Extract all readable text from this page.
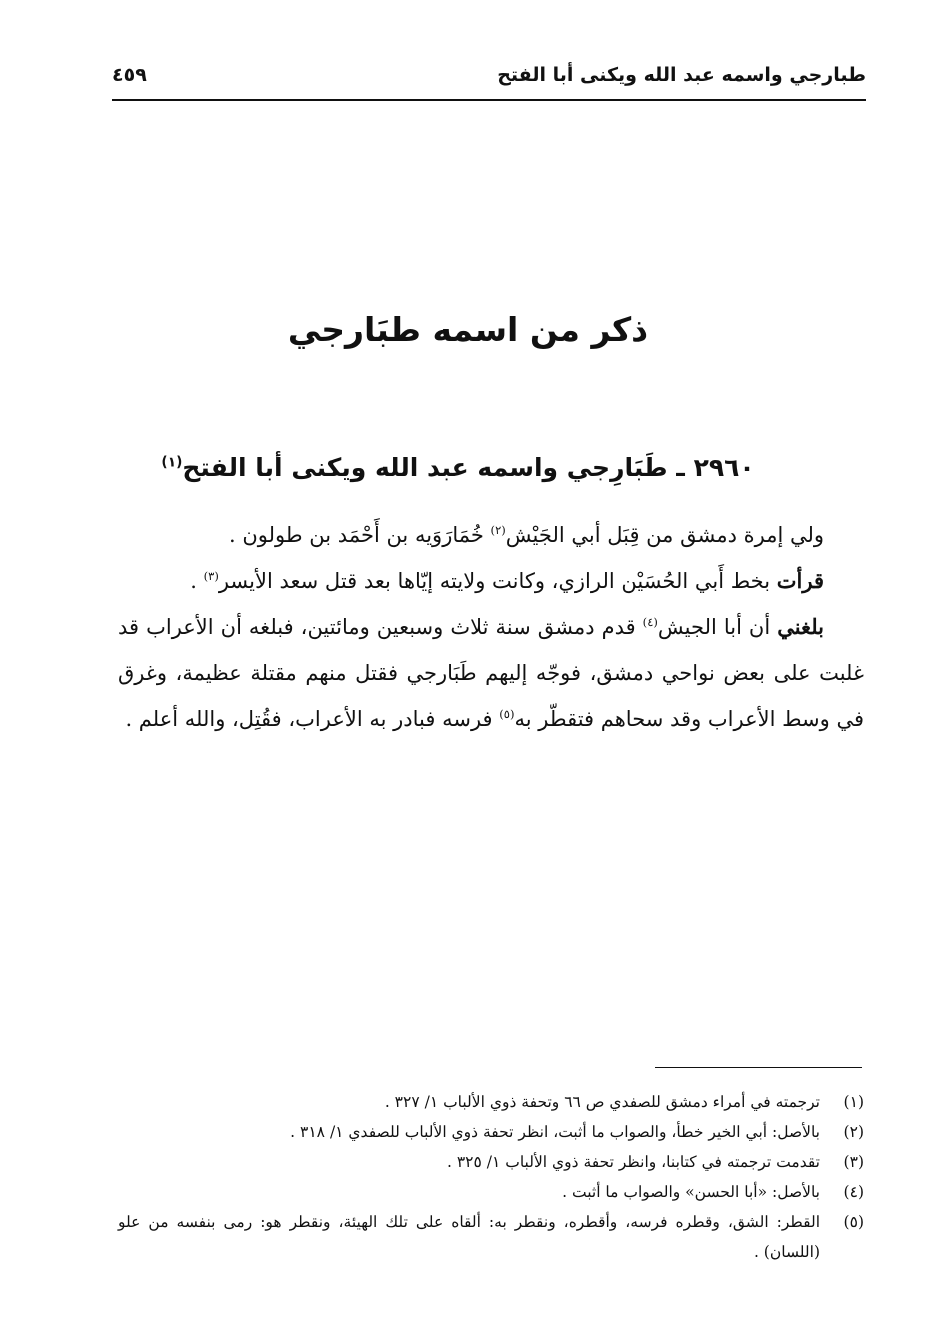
طبارجي واسمه عبد الله ويكنى أبا الفتح
٤٥٩
ذكر من اسمه طبَارجي
٢٩٦٠ ـ طَبَارِجي واسمه عبد الله ويكنى أبا الفتح$^{(١)}$

ولي إمرة دمشق من قِبَل أبي الجَيْش$^{(٢)}$ خُمَارَوَيه بن أَحْمَد بن طولون .

قرأت بخط أَبي الحُسَيْن الرازي، وكانت ولايته إيّاها بعد قتل سعد الأيسر$^{(٣)}$ .

بلغني أن أبا الجيش$^{(٤)}$ قدم دمشق سنة ثلاث وسبعين ومائتين، فبلغه أن الأعراب قد غلبت على بعض نواحي دمشق، فوجّه إليهم طَبَارجي فقتل منهم مقتلة عظيمة، وغرق في وسط الأعراب وقد سحاهم فتقطّر به$^{(٥)}$ فرسه فبادر به الأعراب، فقُتِل، والله أعلم .

(١)
ترجمته في أمراء دمشق للصفدي ص ٦٦ وتحفة ذوي الألباب ١/ ٣٢٧ .
(٢)
بالأصل: أبي الخير خطأ، والصواب ما أثبت، انظر تحفة ذوي الألباب للصفدي ١/ ٣١٨ .
(٣)
تقدمت ترجمته في كتابنا، وانظر تحفة ذوي الألباب ١/ ٣٢٥ .
(٤)
بالأصل: «أبا الحسن» والصواب ما أثبت .
(٥)
القطر: الشق، وقطره فرسه، وأقطره، ونقطر به: ألقاه على تلك الهيئة، ونقطر هو: رمى بنفسه من علو (اللسان) .
